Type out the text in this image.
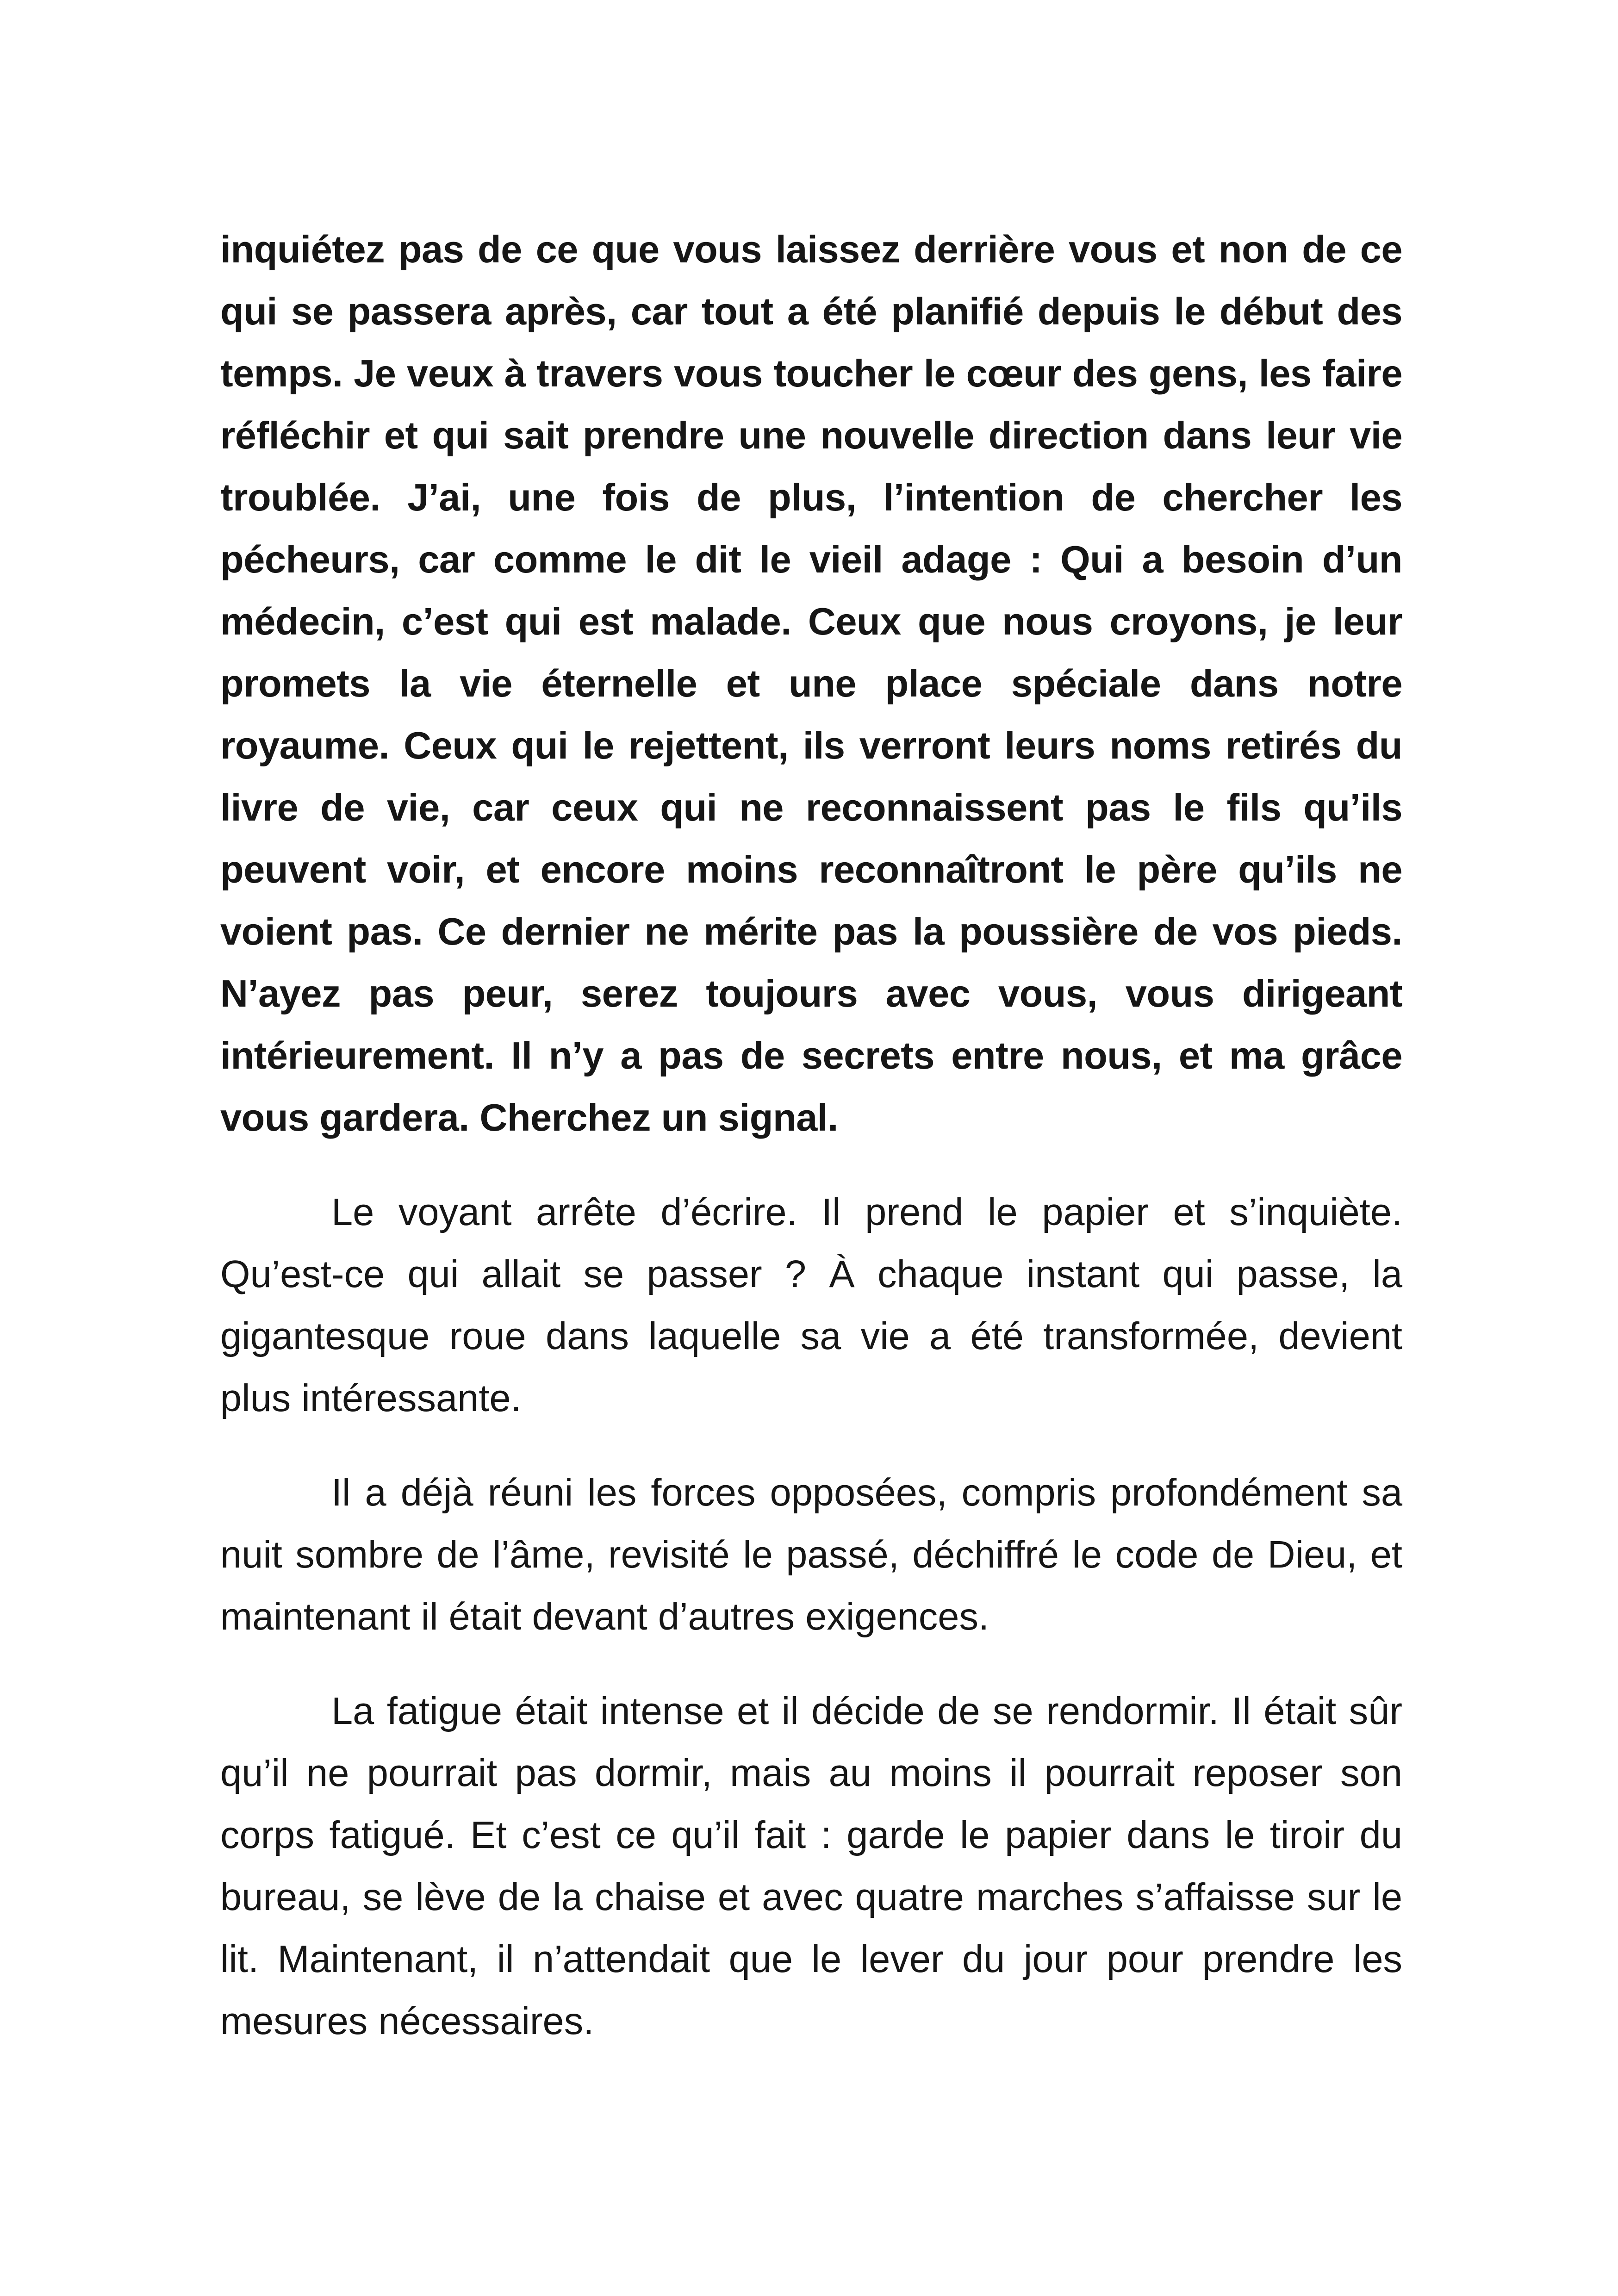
inquiétez pas de ce que vous laissez derrière vous et non de ce qui se passera après, car tout a été planifié depuis le début des temps. Je veux à travers vous toucher le cœur des gens, les faire réfléchir et qui sait prendre une nouvelle direction dans leur vie troublée. J’ai, une fois de plus, l’intention de chercher les pécheurs, car comme le dit le vieil adage : Qui a besoin d’un médecin, c’est qui est malade. Ceux que nous croyons, je leur promets la vie éternelle et une place spéciale dans notre royaume. Ceux qui le rejettent, ils verront leurs noms retirés du livre de vie, car ceux qui ne reconnaissent pas le fils qu’ils peuvent voir, et encore moins reconnaîtront le père qu’ils ne voient pas. Ce dernier ne mérite pas la poussière de vos pieds. N’ayez pas peur, serez toujours avec vous, vous dirigeant intérieurement. Il n’y a pas de secrets entre nous, et ma grâce vous gardera. Cherchez un signal.

Le voyant arrête d’écrire. Il prend le papier et s’inquiète. Qu’est-ce qui allait se passer ? À chaque instant qui passe, la gigantesque roue dans laquelle sa vie a été transformée, devient plus intéressante.

Il a déjà réuni les forces opposées, compris profondément sa nuit sombre de l’âme, revisité le passé, déchiffré le code de Dieu, et maintenant il était devant d’autres exigences.

La fatigue était intense et il décide de se rendormir. Il était sûr qu’il ne pourrait pas dormir, mais au moins il pourrait reposer son corps fatigué. Et c’est ce qu’il fait : garde le papier dans le tiroir du bureau, se lève de la chaise et avec quatre marches s’affaisse sur le lit. Maintenant, il n’attendait que le lever du jour pour prendre les mesures nécessaires.
